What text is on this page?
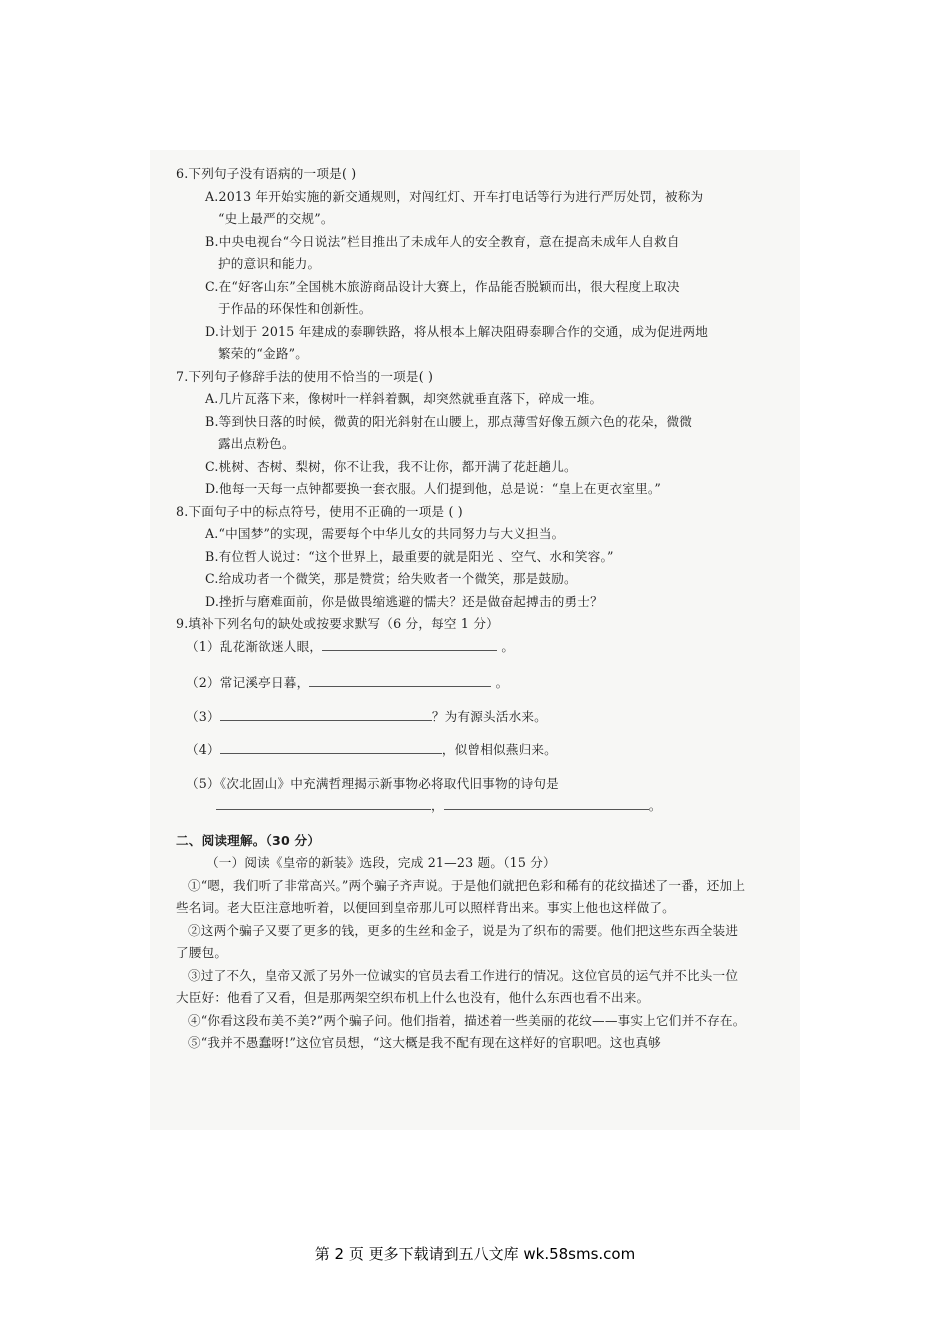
6.下列句子没有语病的一项是( )

A.2013 年开始实施的新交通规则，对闯红灯、开车打电话等行为进行严厉处罚，被称为
“史上最严的交规”。

B.中央电视台“今日说法”栏目推出了未成年人的安全教育，意在提高未成年人自救自
护的意识和能力。

C.在“好客山东”全国桃木旅游商品设计大赛上，作品能否脱颖而出，很大程度上取决
于作品的环保性和创新性。

D.计划于 2015 年建成的泰聊铁路，将从根本上解决阻碍泰聊合作的交通，成为促进两地
繁荣的“金路”。

7.下列句子修辞手法的使用不恰当的一项是( )

A.几片瓦落下来，像树叶一样斜着飘，却突然就垂直落下，碎成一堆。

B.等到快日落的时候，微黄的阳光斜射在山腰上，那点薄雪好像五颜六色的花朵，微微
露出点粉色。

C.桃树、杏树、梨树，你不让我，我不让你，都开满了花赶趟儿。

D.他每一天每一点钟都要换一套衣服。人们提到他，总是说：“皇上在更衣室里。”

8.下面句子中的标点符号，使用不正确的一项是 ( )

A.“中国梦”的实现，需要每个中华儿女的共同努力与大义担当。

B.有位哲人说过：“这个世界上，最重要的就是阳光 、空气、水和笑容。”

C.给成功者一个微笑，那是赞赏；给失败者一个微笑，那是鼓励。

D.挫折与磨难面前，你是做畏缩逃避的懦夫？还是做奋起搏击的勇士？

9.填补下列名句的缺处或按要求默写（6 分，每空 1 分）

（1）乱花渐欲迷人眼，	。

（2）常记溪亭日暮，	。

（3）	？为有源头活水来。

（4）	，似曾相似燕归来。

（5）《次北固山》中充满哲理揭示新事物必将取代旧事物的诗句是
，	。

二、阅读理解。（30 分）

（一）阅读《皇帝的新装》选段，完成 21—23 题。（15 分）

①“嗯，我们听了非常高兴。”两个骗子齐声说。于是他们就把色彩和稀有的花纹描述了一番，还加上些名词。老大臣注意地听着，以便回到皇帝那儿可以照样背出来。事实上他也这样做了。

②这两个骗子又要了更多的钱，更多的生丝和金子，说是为了织布的需要。他们把这些东西全装进了腰包。

③过了不久，皇帝又派了另外一位诚实的官员去看工作进行的情况。这位官员的运气并不比头一位大臣好：他看了又看，但是那两架空织布机上什么也没有，他什么东西也看不出来。

④“你看这段布美不美?”两个骗子问。他们指着，描述着一些美丽的花纹——事实上它们并不存在。

⑤“我并不愚蠢呀!”这位官员想，“这大概是我不配有现在这样好的官职吧。这也真够

第 2 页 更多下载请到五八文库 wk.58sms.com
